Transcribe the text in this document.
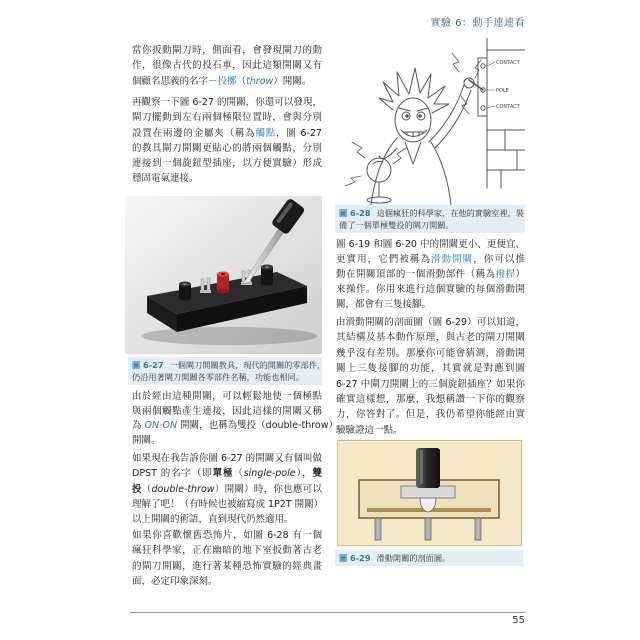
實驗 6：動手連連看
當你扳動閘刀時，側面看，會發現閘刀的動
作，很像古代的投石車，因此這類開關又有
個顧名思義的名字－投擲（throw）開關。
再觀察一下圖 6-27 的開關，你還可以發現，
閘刀擺動到左右兩個極限位置時，會與分別
設置在兩邊的金屬夾（稱為觸點，圖 6-27
的教具閘刀開關更貼心的將兩個觸點，分別
連接到一個旋鈕型插座，以方便實驗）形成
穩固電氣連接。
圖 6-27 一個閘刀開關教具，現代的開關的零部件，
仍沿用著閘刀開關各零部件名稱，功能也相同。
由於經由這種開關，可以輕鬆地使一個極點
與兩個觸點產生連接，因此這樣的開關又稱
為 ON-ON 開關，也稱為雙投（double-throw）
開關。
如果現在我告訴你圖 6-27 的開關又有個叫做
DPST 的名字（即單極（single-pole），雙
投（double-throw）開關）時，你也應可以
理解了吧！（有時候也被縮寫成 1P2T 開關）
以上開關的術語，直到現代仍然適用。
如果你喜歡懷舊恐怖片，如圖 6-28 有一個
瘋狂科學家，正在幽暗的地下室扳動著古老
的閘刀開關，進行著某種恐怖實驗的經典畫
面，必定印象深刻。
CONTACT
POLE
CONTACT
圖 6-28 這個瘋狂的科學家，在他的實驗室裡，裝
備了一個單極雙投的閘刀開關。
圖 6-19 和圖 6-20 中的開關更小、更便宜、
更實用，它們被稱為滑動開關，你可以推
動在開關頂部的一個滑動部件（稱為撥桿）
來操作。你用來進行這個實驗的每個滑動開
關，都會有三隻接腳。
由滑動開關的剖面圖（圖 6-29）可以知道，
其結構及基本動作原理，與古老的閘刀開關
幾乎沒有差別。那麼你可能會猜測，滑動開
關上三隻接腳的功能，其實就是對應到圖
6-27 中閘刀開關上的三個旋鈕插座？如果你
確實這樣想，那麼，我想稱讚一下你的觀察
力，你答對了。但是，我仍希望你能經由實
驗驗證這一點。
圖 6-29 滑動開關的剖面圖。
55
